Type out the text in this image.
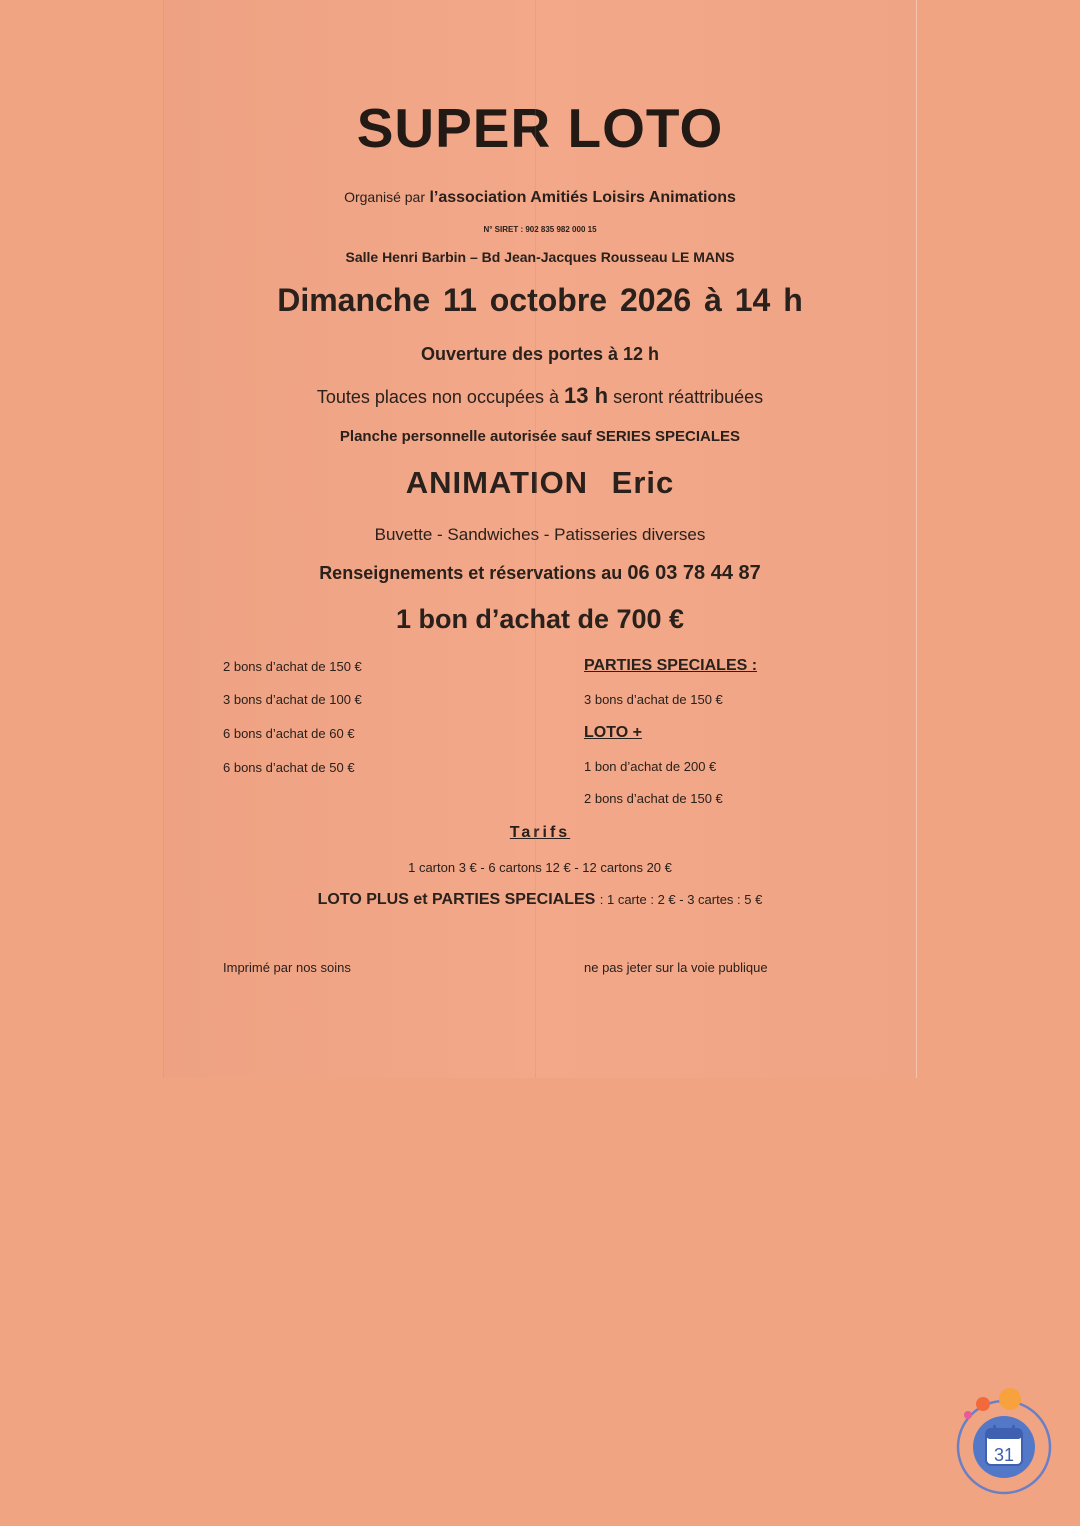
SUPER LOTO
Organisé par l’association Amitiés Loisirs Animations
N° SIRET : 902 835 982 000 15
Salle Henri Barbin – Bd Jean-Jacques Rousseau LE MANS
Dimanche 11 octobre 2026 à 14 h
Ouverture des portes à 12 h
Toutes places non occupées à 13 h seront réattribuées
Planche personnelle autorisée sauf SERIES SPECIALES
ANIMATION Eric
Buvette - Sandwiches - Patisseries diverses
Renseignements et réservations au 06 03 78 44 87
1 bon d’achat de 700 €
2 bons d’achat de 150 €
3 bons d’achat de 100 €
6 bons d’achat de 60 €
6 bons d’achat de 50 €
PARTIES SPECIALES :
3 bons d’achat de 150 €
LOTO +
1 bon d’achat de 200 €
2 bons d’achat de 150 €
Tarifs
1 carton 3 € - 6 cartons 12 € - 12 cartons 20 €
LOTO PLUS et PARTIES SPECIALES : 1 carte : 2 € - 3 cartes : 5 €
Imprimé par nos soins	ne pas jeter sur la voie publique
31
